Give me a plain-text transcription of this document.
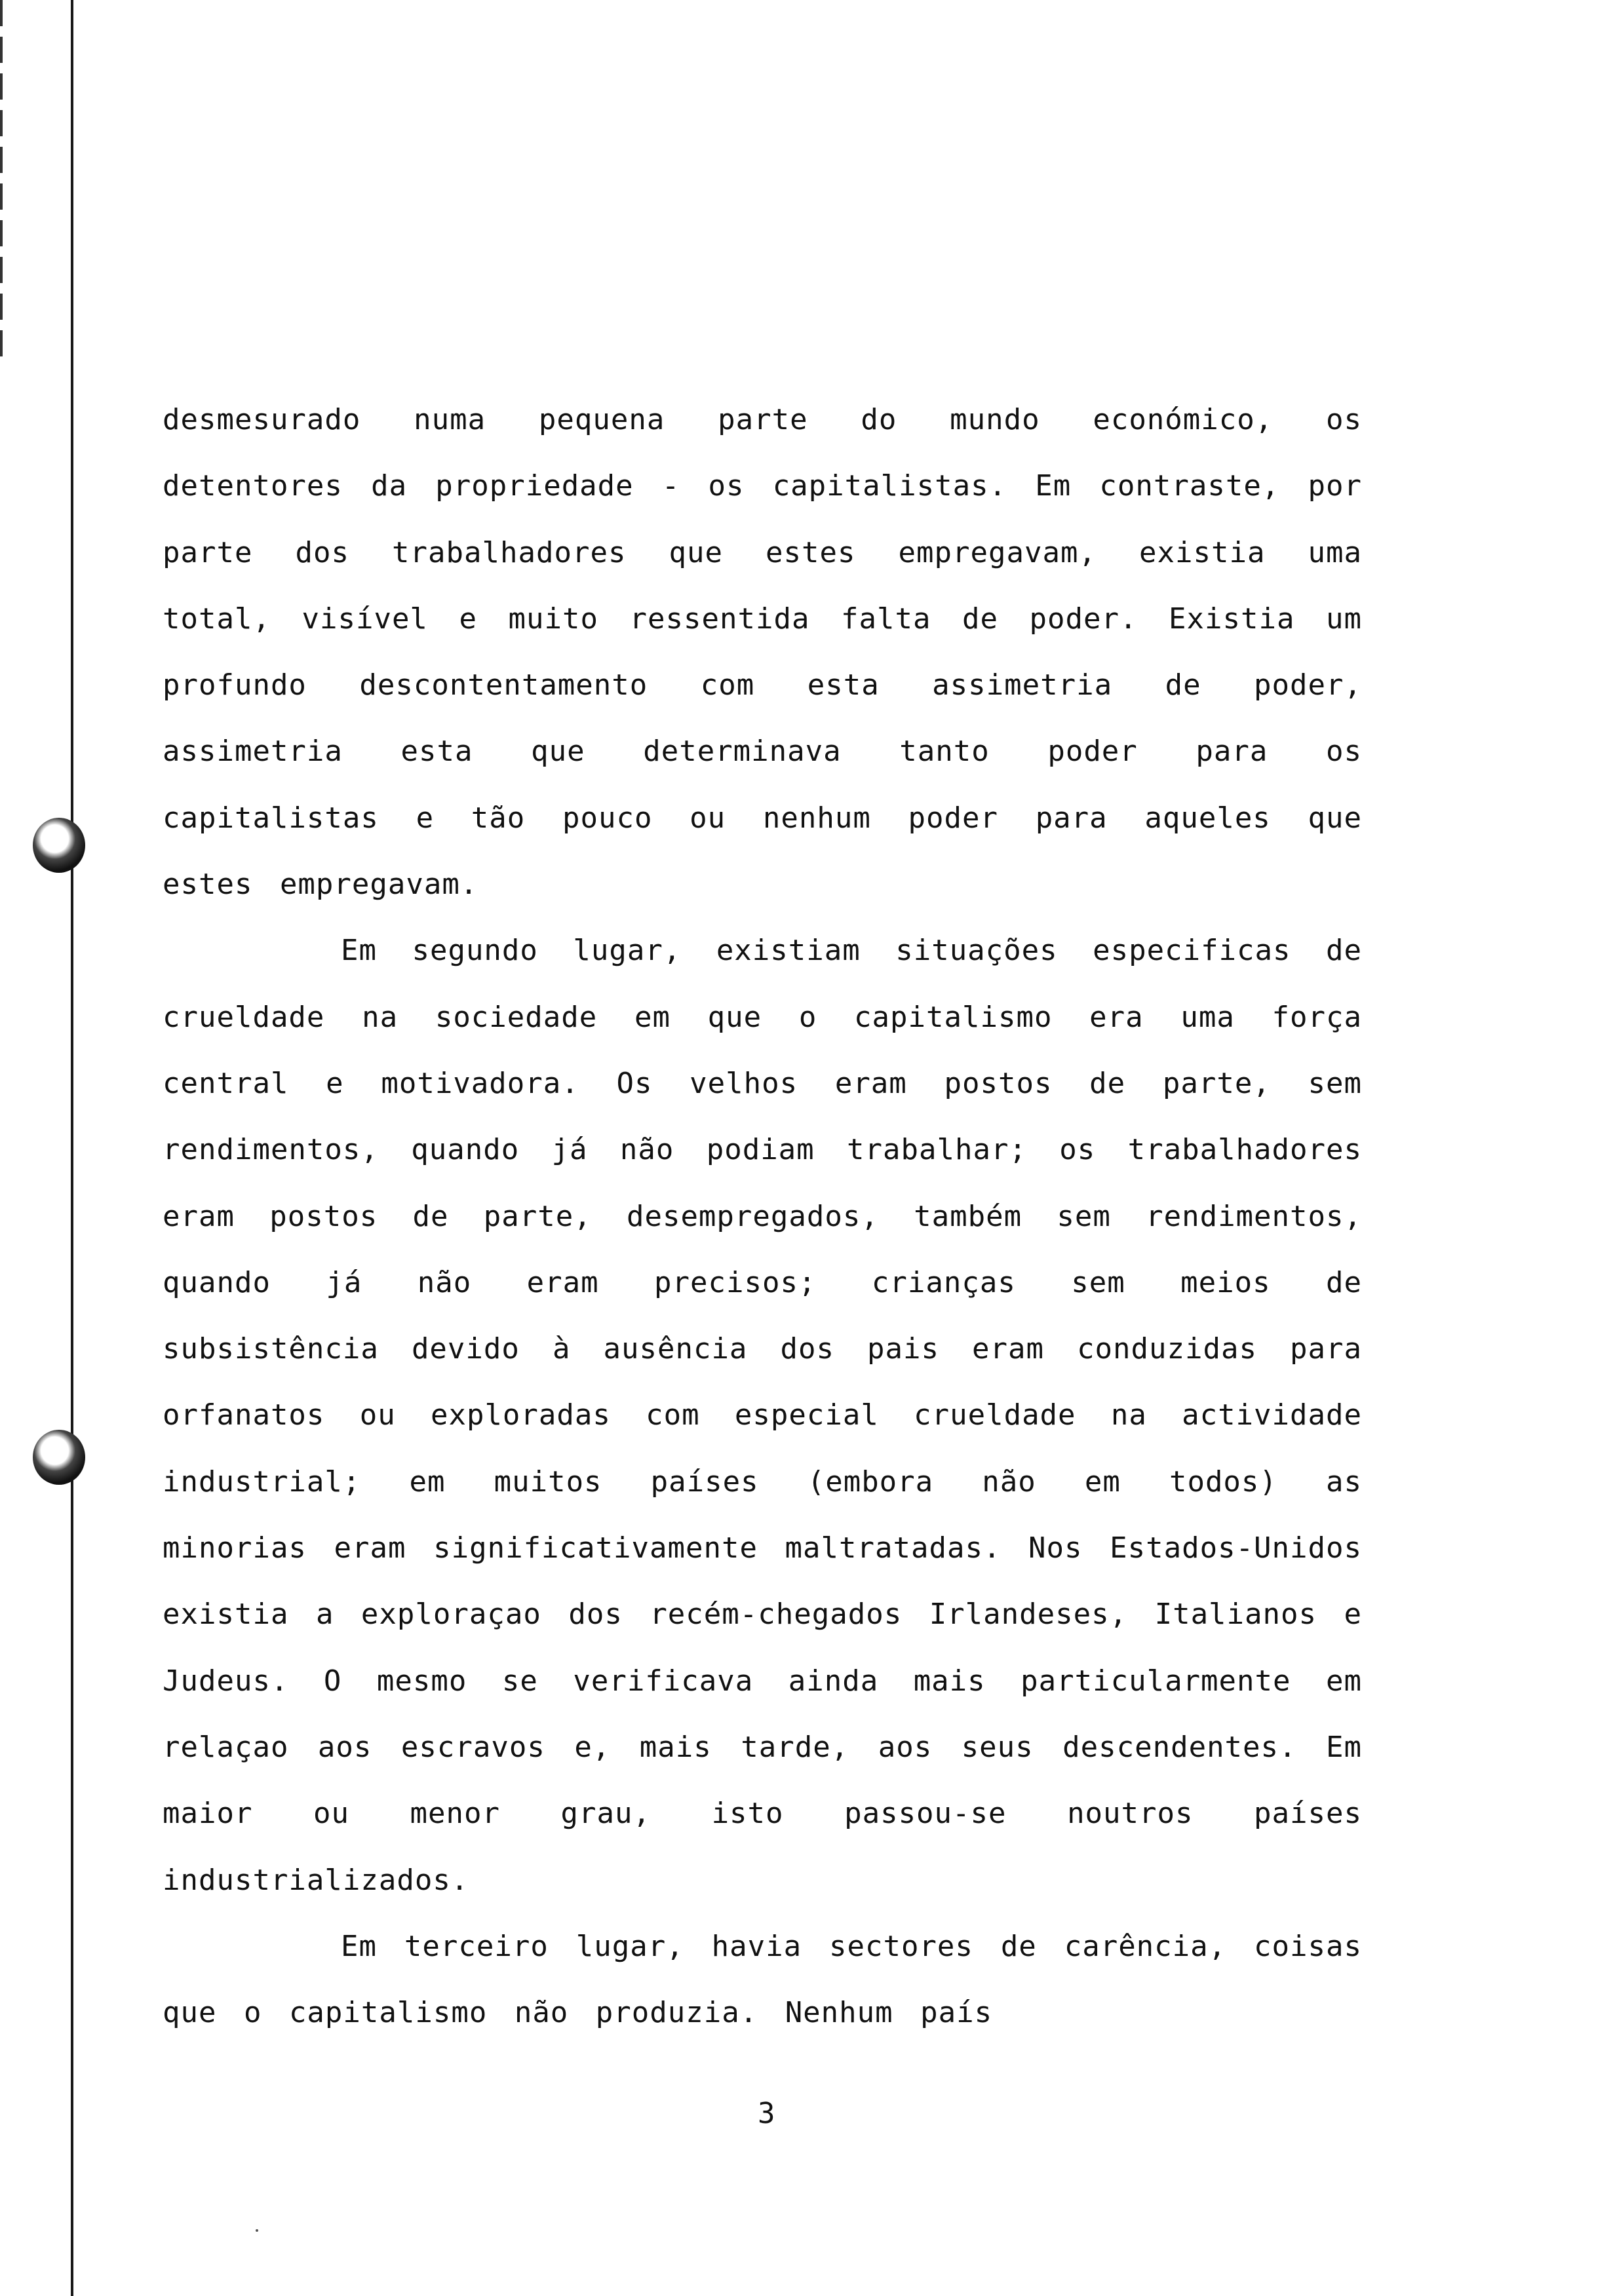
desmesurado numa pequena parte do mundo económico, os detentores da propriedade - os capitalistas. Em contraste, por parte dos trabalhadores que estes empregavam, existia uma total, visível e muito ressentida falta de poder. Existia um profundo descontentamento com esta assimetria de poder, assimetria esta que determinava tanto poder para os capitalistas e tão pouco ou nenhum poder para aqueles que estes empregavam.

Em segundo lugar, existiam situações especificas de crueldade na sociedade em que o capitalismo era uma força central e motivadora. Os velhos eram postos de parte, sem rendimentos, quando já não podiam trabalhar; os trabalhadores eram postos de parte, desempregados, também sem rendimentos, quando já não eram precisos; crianças sem meios de subsistência devido à ausência dos pais eram conduzidas para orfanatos ou exploradas com especial crueldade na actividade industrial; em muitos países (embora não em todos) as minorias eram significativamente maltratadas. Nos Estados-Unidos existia a exploraçao dos recém-chegados Irlandeses, Italianos e Judeus. O mesmo se verificava ainda mais particularmente em relaçao aos escravos e, mais tarde, aos seus descendentes. Em maior ou menor grau, isto passou-se noutros países industrializados.

Em terceiro lugar, havia sectores de carência, coisas que o capitalismo não produzia. Nenhum país

3
